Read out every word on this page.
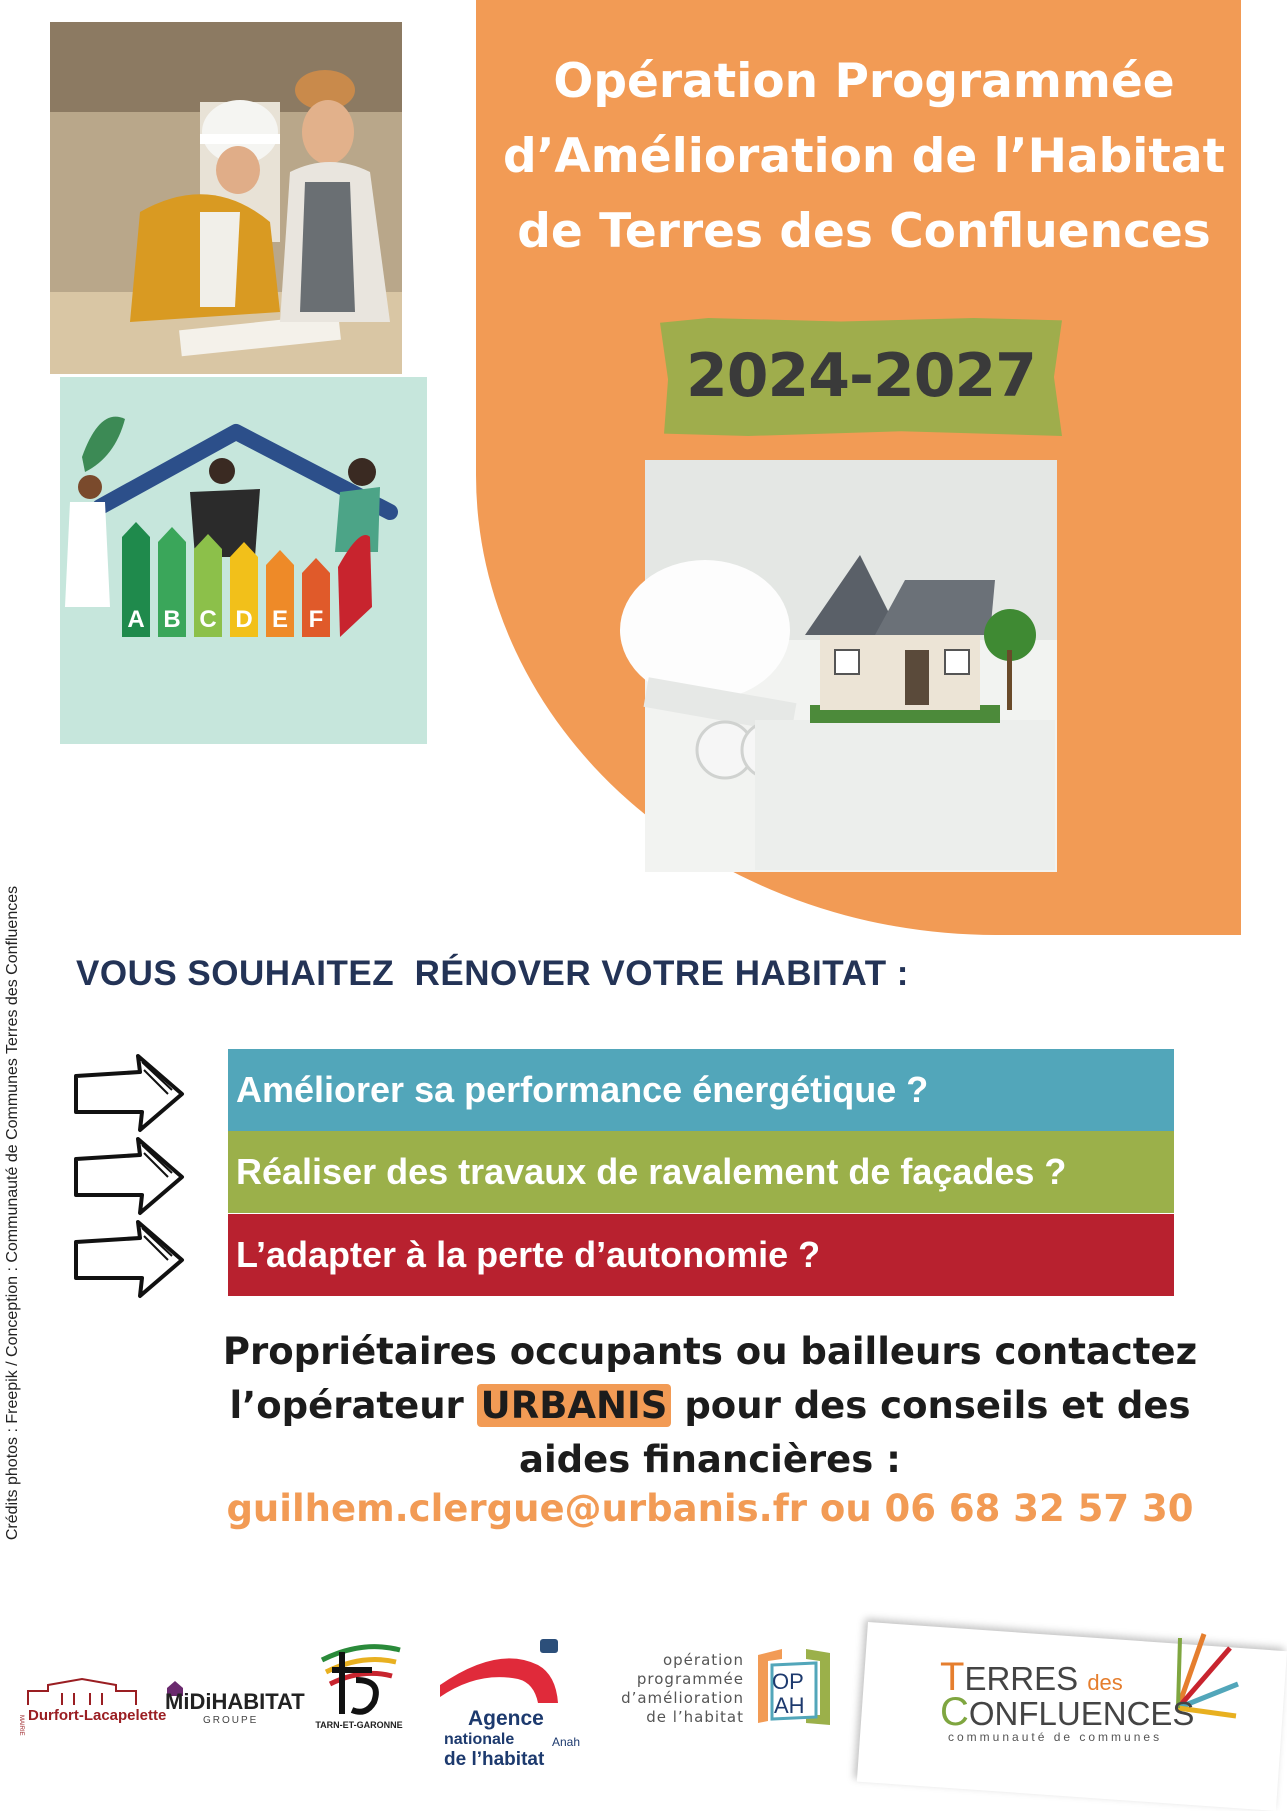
Opération Programmée
d’Amélioration de l’Habitat
de Terres des Confluences
2024-2027
A B C D E F
Crédits photos : Freepik / Conception : Communauté de Communes Terres des Confluences VOUS SOUHAITEZ  RÉNOVER VOTRE HABITAT :
Améliorer sa performance énergétique ?
Réaliser des travaux de ravalement de façades ?
L’adapter à la perte d’autonomie ?
Propriétaires occupants ou bailleurs contactez
l’opérateur URBANIS pour des conseils et des
aides financières :
guilhem.clergue@urbanis.fr ou 06 68 32 57 30
MAIRIE Durfort-Lacapelette
MiDiHABITAT
GROUPE	TARN-ET-GARONNE	Agence
nationale	Anah
de l’habitat
opération
programmée
d’amélioration
de l’habitat
OP
AH
TERRES des
CONFLUENCES
communauté de communes
